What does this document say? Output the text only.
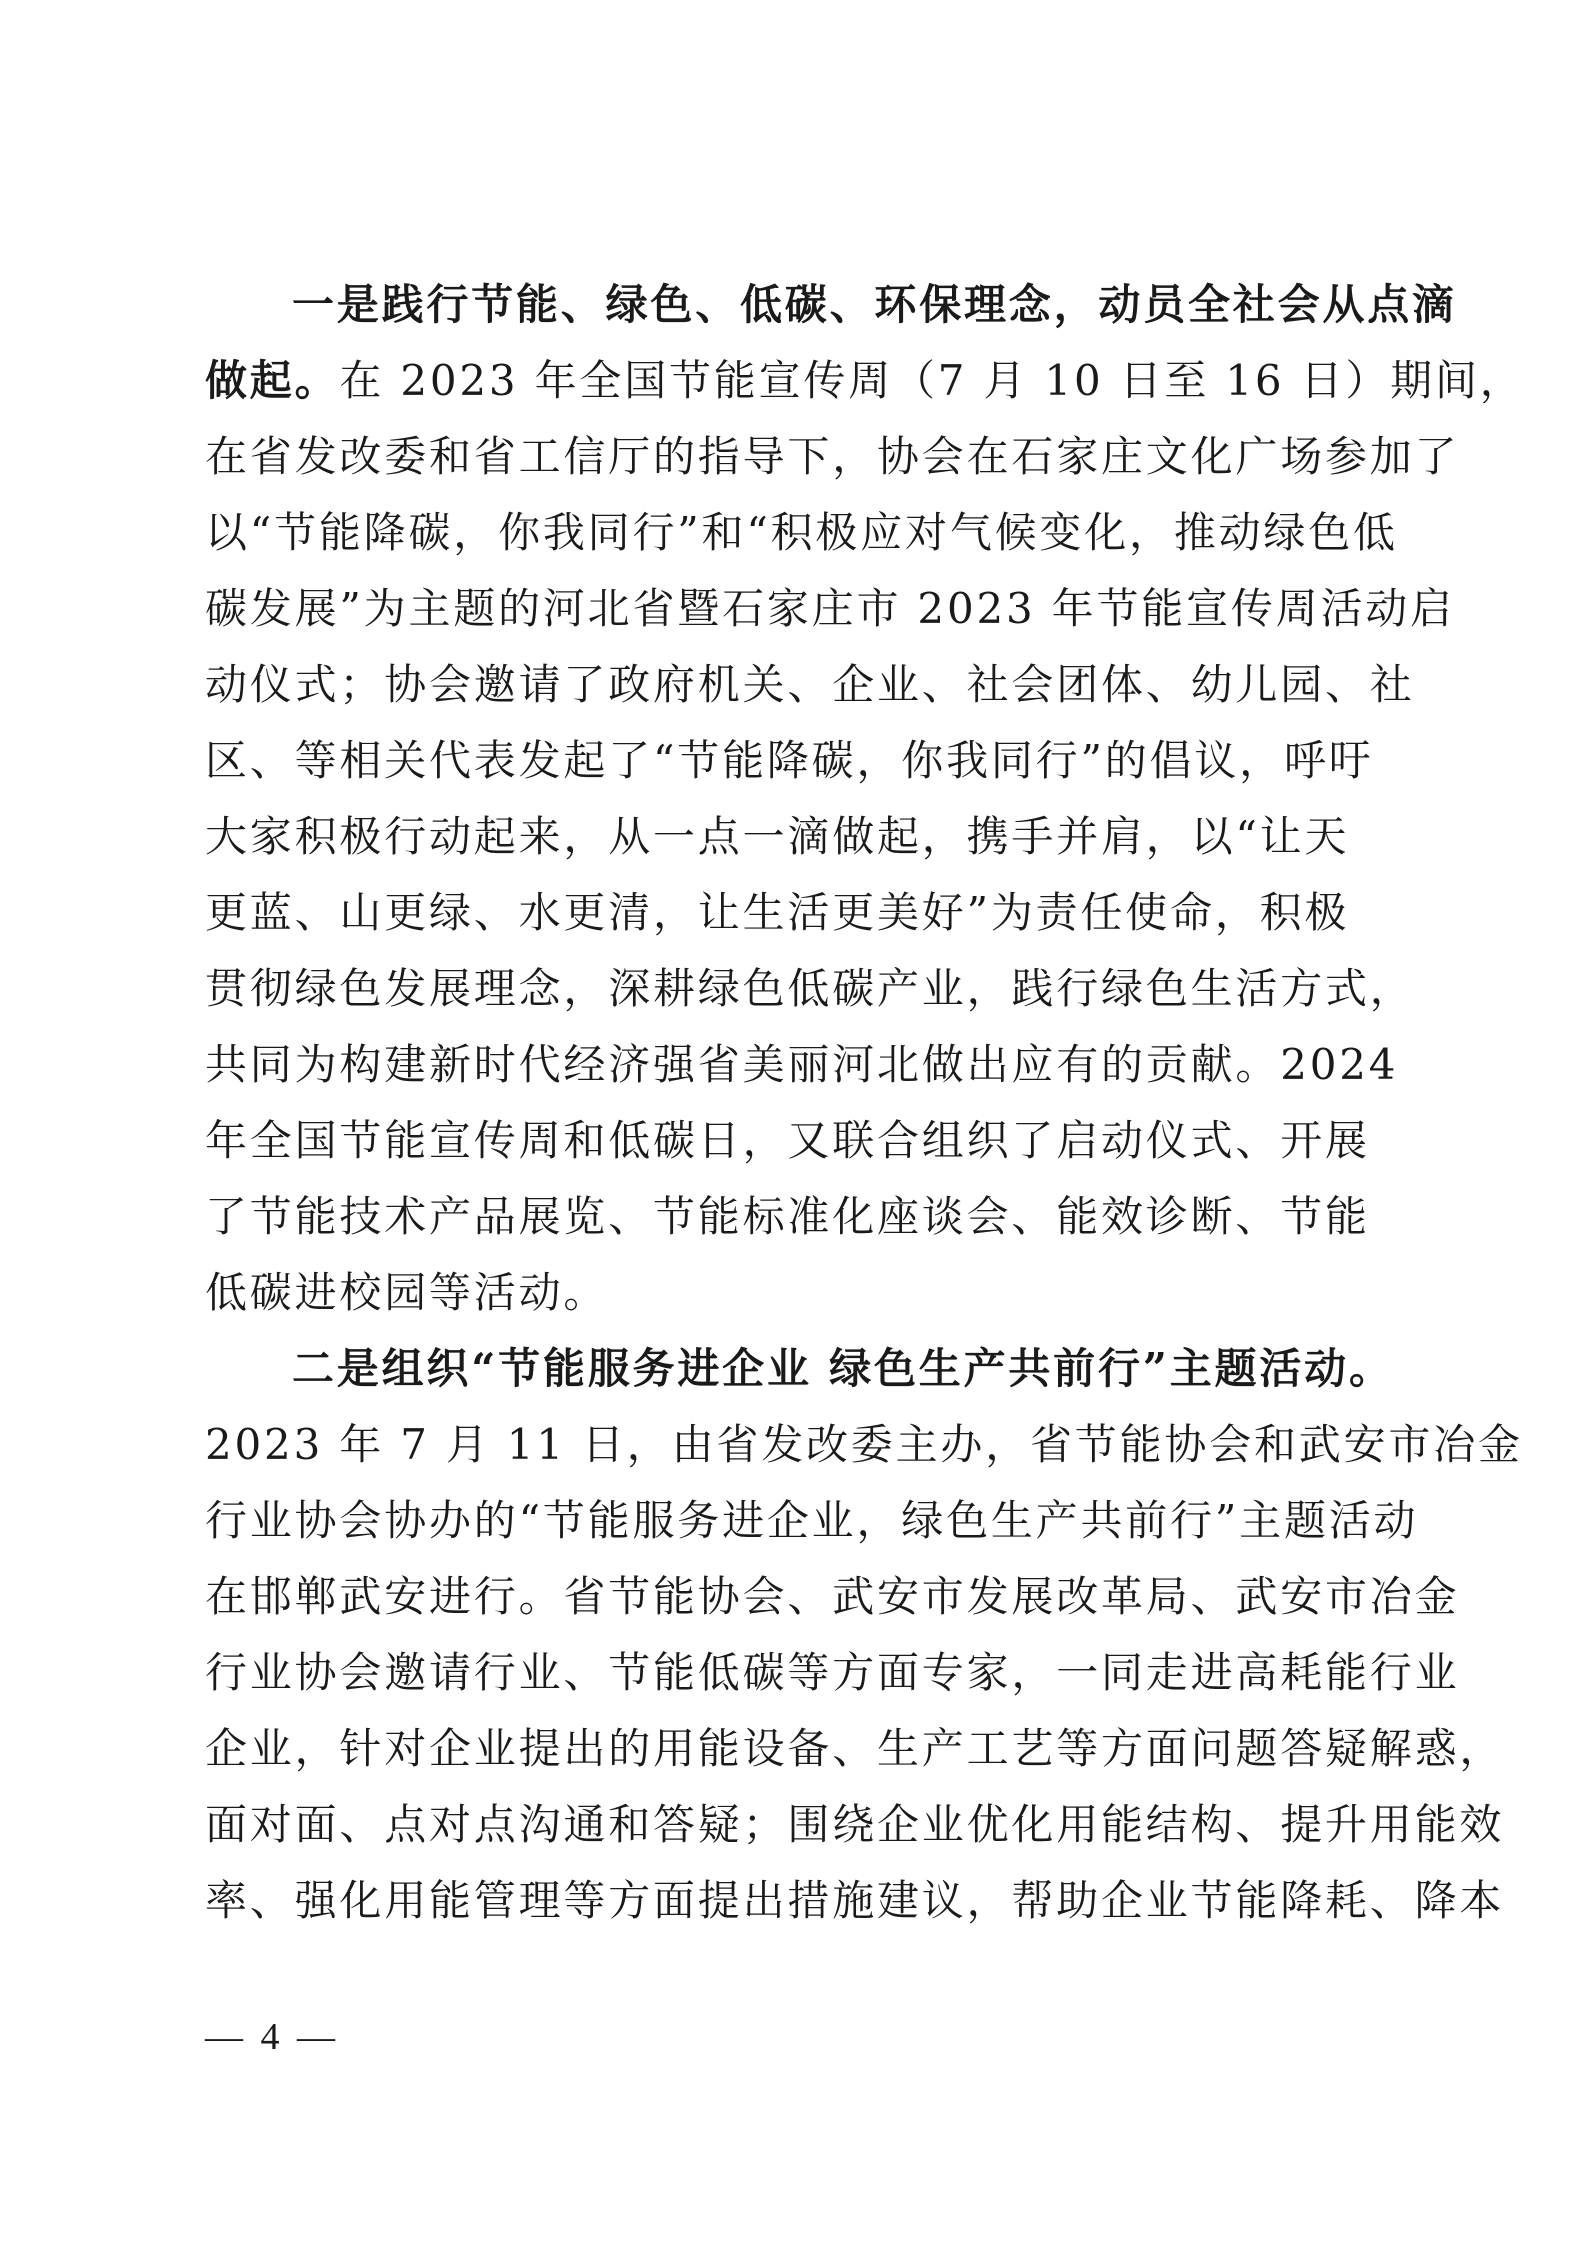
一是践行节能、绿色、低碳、环保理念，动员全社会从点滴
做起。在 2023 年全国节能宣传周（7 月 10 日至 16 日）期间，
在省发改委和省工信厅的指导下，协会在石家庄文化广场参加了
以“节能降碳，你我同行”和“积极应对气候变化，推动绿色低
碳发展”为主题的河北省暨石家庄市 2023 年节能宣传周活动启
动仪式；协会邀请了政府机关、企业、社会团体、幼儿园、社
区、等相关代表发起了“节能降碳，你我同行”的倡议，呼吁
大家积极行动起来，从一点一滴做起，携手并肩，以“让天
更蓝、山更绿、水更清，让生活更美好”为责任使命，积极
贯彻绿色发展理念，深耕绿色低碳产业，践行绿色生活方式，
共同为构建新时代经济强省美丽河北做出应有的贡献。2024
年全国节能宣传周和低碳日，又联合组织了启动仪式、开展
了节能技术产品展览、节能标准化座谈会、能效诊断、节能
低碳进校园等活动。
二是组织“节能服务进企业 绿色生产共前行”主题活动。
2023 年 7 月 11 日，由省发改委主办，省节能协会和武安市冶金
行业协会协办的“节能服务进企业，绿色生产共前行”主题活动
在邯郸武安进行。省节能协会、武安市发展改革局、武安市冶金
行业协会邀请行业、节能低碳等方面专家，一同走进高耗能行业
企业，针对企业提出的用能设备、生产工艺等方面问题答疑解惑，
面对面、点对点沟通和答疑；围绕企业优化用能结构、提升用能效
率、强化用能管理等方面提出措施建议，帮助企业节能降耗、降本
— 4 —
